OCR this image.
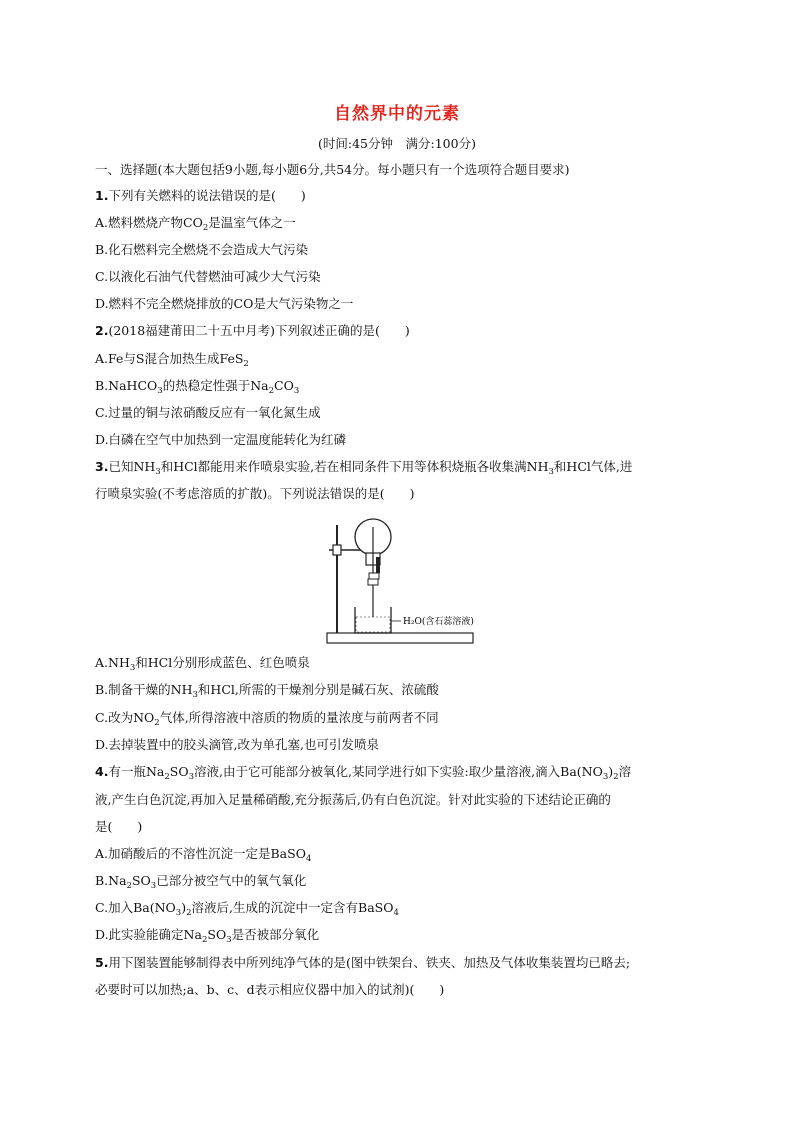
自然界中的元素
(时间:45分钟　满分:100分)
一、选择题(本大题包括9小题,每小题6分,共54分。每小题只有一个选项符合题目要求)
1.下列有关燃料的说法错误的是(　　)
A.燃料燃烧产物$CO_2$是温室气体之一
B.化石燃料完全燃烧不会造成大气污染
C.以液化石油气代替燃油可减少大气污染
D.燃料不完全燃烧排放的CO是大气污染物之一
2.(2018福建莆田二十五中月考)下列叙述正确的是(　　)
A.Fe与S混合加热生成FeS$_2$
B.NaHCO$_3$的热稳定性强于$Na_2CO_3$
C.过量的铜与浓硝酸反应有一氧化氮生成
D.白磷在空气中加热到一定温度能转化为红磷
3.已知$NH_3$和HCl都能用来作喷泉实验,若在相同条件下用等体积烧瓶各收集满$NH_3$和HCl气体,进
行喷泉实验(不考虑溶质的扩散)。下列说法错误的是(　　)
H₂O(含石蕊溶液)
$A.NH_3$和HCl分别形成蓝色、红色喷泉
B.制备干燥的$NH_3$和HCl,所需的干燥剂分别是碱石灰、浓硫酸
C.改为$NO_2$气体,所得溶液中溶质的物质的量浓度与前两者不同
D.去掉装置中的胶头滴管,改为单孔塞,也可引发喷泉
4.有一瓶$Na_2SO_3$溶液,由于它可能部分被氧化,某同学进行如下实验:取少量溶液,滴入$Ba(NO_3)_2$溶
液,产生白色沉淀,再加入足量稀硝酸,充分振荡后,仍有白色沉淀。针对此实验的下述结论正确的
是(　　)
A.加硝酸后的不溶性沉淀一定是BaSO$_4$
$B.Na_2SO_3$已部分被空气中的氧气氧化
C.加入$Ba(NO_3)_2$溶液后,生成的沉淀中一定含有BaSO$_4$
D.此实验能确定$Na_2SO_3$是否被部分氧化
5.用下图装置能够制得表中所列纯净气体的是(图中铁架台、铁夹、加热及气体收集装置均已略去;
必要时可以加热;a、b、c、d表示相应仪器中加入的试剂)(　　)
